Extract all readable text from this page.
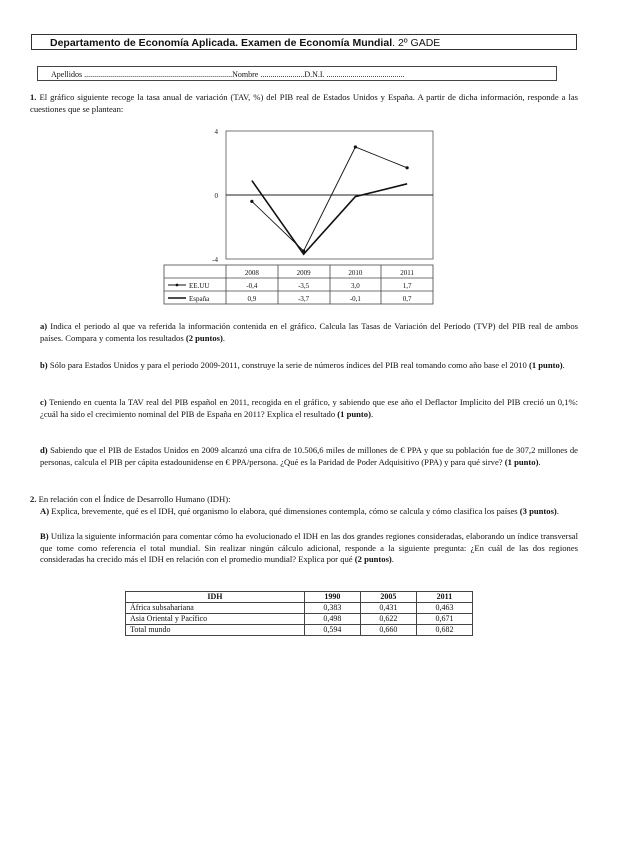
Departamento de Economía Aplicada. Examen de Economía Mundial. 2º GADE
Apellidos ..........................................................................Nombre ......................D.N.I. .......................................
1. El gráfico siguiente recoge la tasa anual de variación (TAV, %) del PIB real de Estados Unidos y España. A partir de dicha información, responde a las cuestiones que se plantean:
4
0
-4
2008	2009	2010	2011
EE.UU	-0,4	-3,5	3,0	1,7
España	0,9	-3,7	-0,1	0,7
a) Indica el periodo al que va referida la información contenida en el gráfico. Calcula las Tasas de Variación del Periodo (TVP) del PIB real de ambos países. Compara y comenta los resultados (2 puntos).
b) Sólo para Estados Unidos y para el periodo 2009-2011, construye la serie de números índices del PIB real tomando como año base el 2010 (1 punto).
c) Teniendo en cuenta la TAV real del PIB español en 2011, recogida en el gráfico, y sabiendo que ese año el Deflactor Implícito del PIB creció un 0,1%: ¿cuál ha sido el crecimiento nominal del PIB de España en 2011? Explica el resultado (1 punto).
d) Sabiendo que el PIB de Estados Unidos en 2009 alcanzó una cifra de 10.506,6 miles de millones de € PPA y que su población fue de 307,2 millones de personas, calcula el PIB per cápita estadounidense en € PPA/persona. ¿Qué es la Paridad de Poder Adquisitivo (PPA) y para qué sirve? (1 punto).
2. En relación con el Índice de Desarrollo Humano (IDH):
A) Explica, brevemente, qué es el IDH, qué organismo lo elabora, qué dimensiones contempla, cómo se calcula y cómo clasifica los países (3 puntos).
B) Utiliza la siguiente información para comentar cómo ha evolucionado el IDH en las dos grandes regiones consideradas, elaborando un índice transversal que tome como referencia el total mundial. Sin realizar ningún cálculo adicional, responde a la siguiente pregunta: ¿En cuál de las dos regiones consideradas ha crecido más el IDH en relación con el promedio mundial? Explica por qué (2 puntos).
IDH	1990	2005	2011
África subsahariana	0,383	0,431	0,463
Asia Oriental y Pacífico	0,498	0,622	0,671
Total mundo	0,594	0,660	0,682
